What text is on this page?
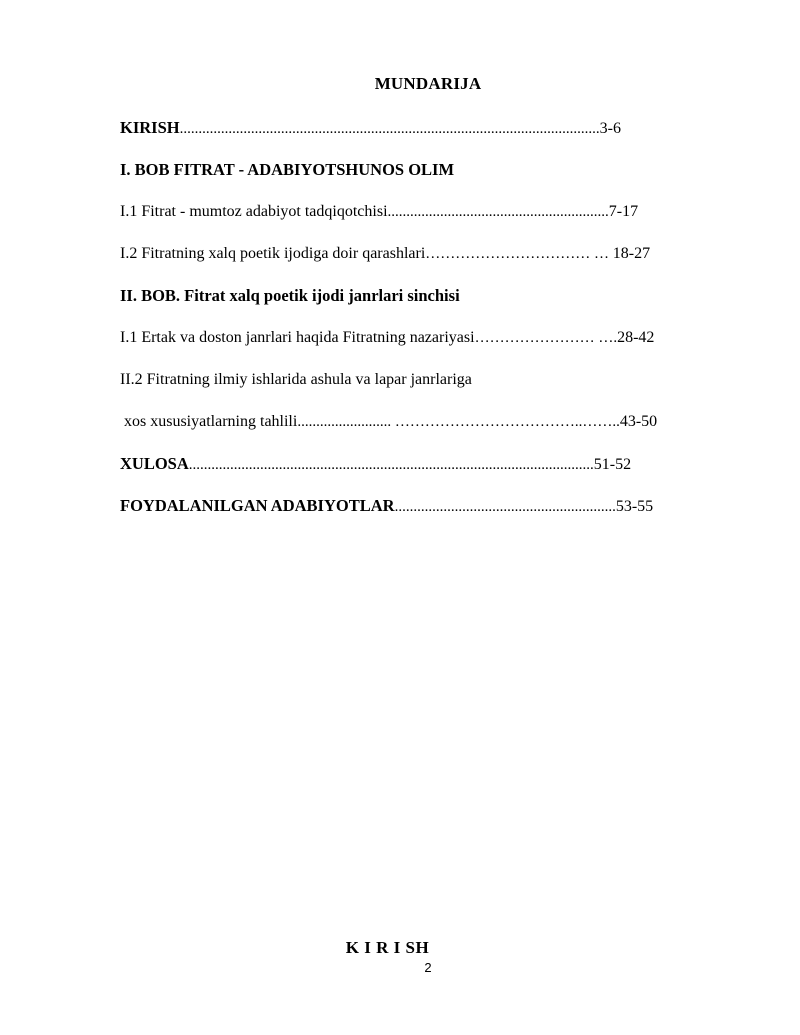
MUNDARIJA
KIRISH................................................................................................................3-6
I. BOB FITRAT - ADABIYOTSHUNOS OLIM
I.1 Fitrat - mumtoz adabiyot tadqiqotchisi...........................................................7-17
I.2 Fitratning xalq poetik ijodiga doir qarashlari…………………………… … 18-27
II. BOB. Fitrat xalq poetik ijodi janrlari sinchisi
I.1 Ertak va doston janrlari haqida Fitratning nazariyasi…………………… ….28-42
II.2 Fitratning ilmiy ishlarida ashula va lapar janrlariga
xos xususiyatlarning tahlili......................... ………………………………..……..43-50
XULOSA............................................................................................................51-52
FOYDALANILGAN ADABIYOTLAR...........................................................53-55
K I R I SH
2
